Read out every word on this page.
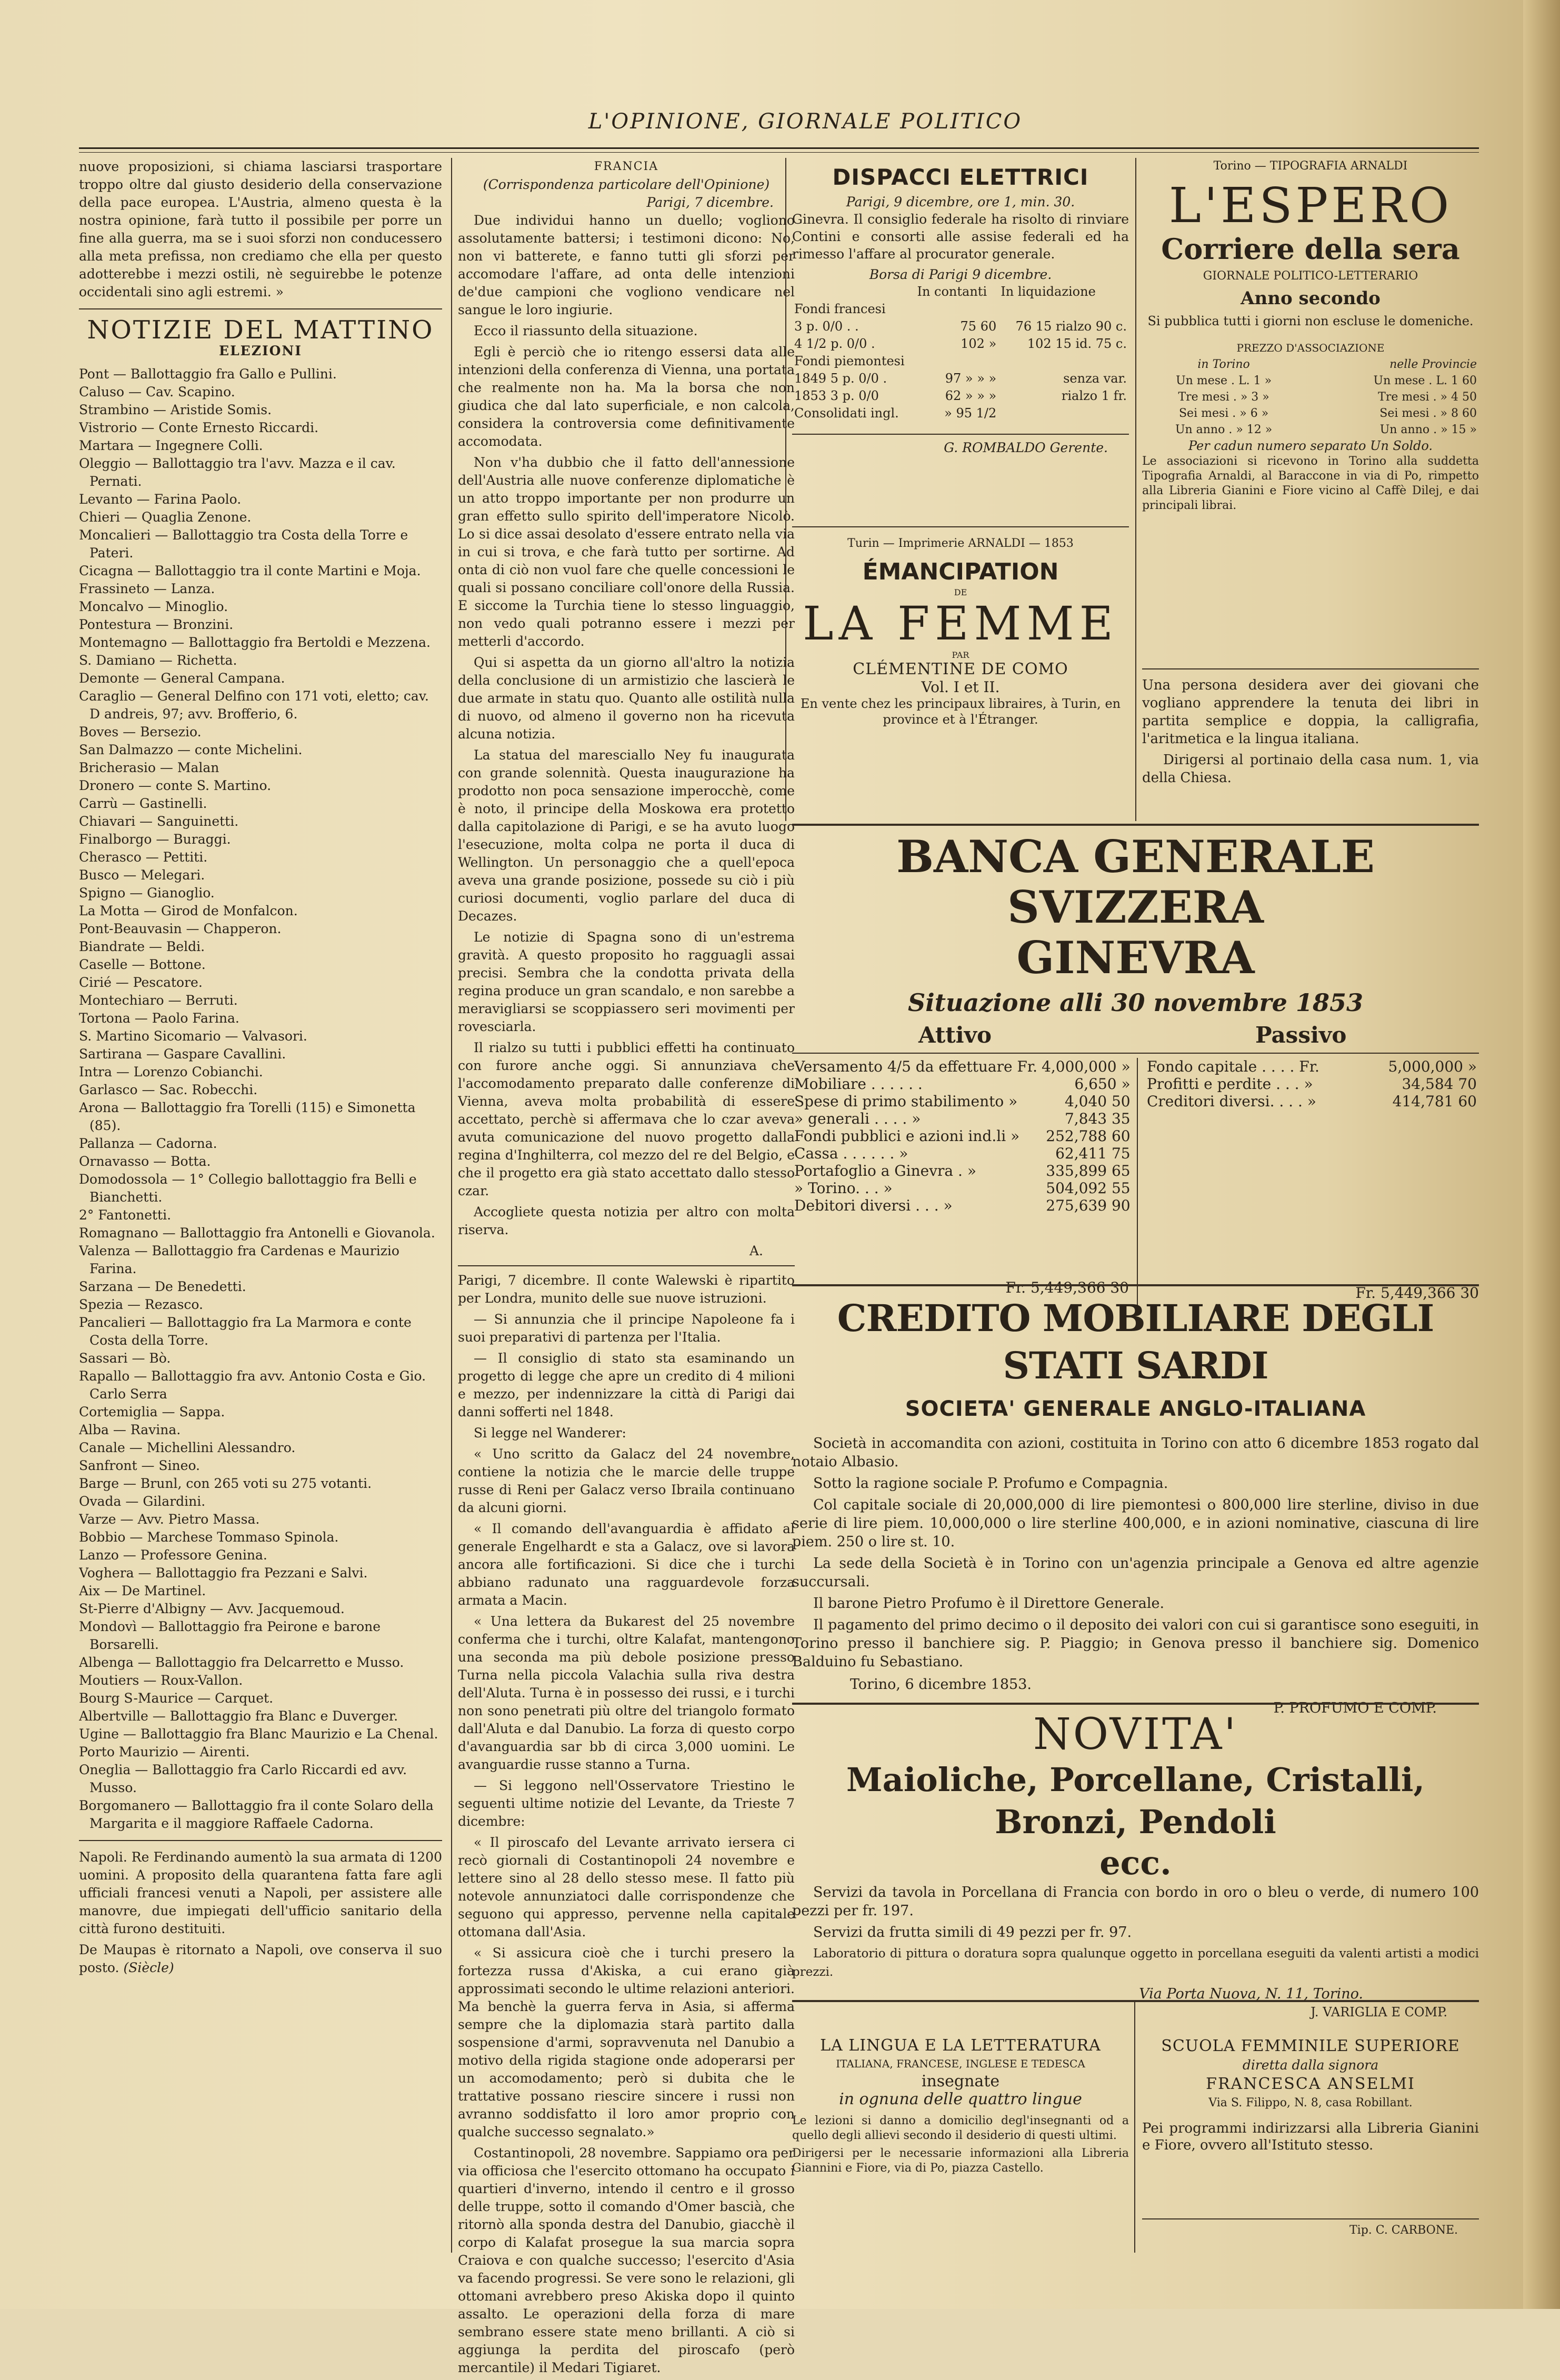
L'OPINIONE, GIORNALE POLITICO

nuove proposizioni, si chiama lasciarsi trasportare troppo oltre dal giusto desiderio della conservazione della pace europea. L'Austria, almeno questa è la nostra opinione, farà tutto il possibile per porre un fine alla guerra, ma se i suoi sforzi non conducessero alla meta prefissa, non crediamo che ella per questo adotterebbe i mezzi ostili, nè seguirebbe le potenze occidentali sino agli estremi. »

NOTIZIE DEL MATTINO
ELEZIONI

Pont — Ballottaggio fra Gallo e Pullini.

Caluso — Cav. Scapino.

Strambino — Aristide Somis.

Vistrorio — Conte Ernesto Riccardi.

Martara — Ingegnere Colli.

Oleggio — Ballottaggio tra l'avv. Mazza e il cav. Pernati.

Levanto — Farina Paolo.

Chieri — Quaglia Zenone.

Moncalieri — Ballottaggio tra Costa della Torre e Pateri.

Cicagna — Ballottaggio tra il conte Martini e Moja.

Frassineto — Lanza.

Moncalvo — Minoglio.

Pontestura — Bronzini.

Montemagno — Ballottaggio fra Bertoldi e Mezzena.

S. Damiano — Richetta.

Demonte — General Campana.

Caraglio — General Delfino con 171 voti, eletto; cav. D andreis, 97; avv. Brofferio, 6.

Boves — Bersezio.

San Dalmazzo — conte Michelini.

Bricherasio — Malan

Dronero — conte S. Martino.

Carrù — Gastinelli.

Chiavari — Sanguinetti.

Finalborgo — Buraggi.

Cherasco — Pettiti.

Busco — Melegari.

Spigno — Gianoglio.

La Motta — Girod de Monfalcon.

Pont-Beauvasin — Chapperon.

Biandrate — Beldi.

Caselle — Bottone.

Cirié — Pescatore.

Montechiaro — Berruti.

Tortona — Paolo Farina.

S. Martino Sicomario — Valvasori.

Sartirana — Gaspare Cavallini.

Intra — Lorenzo Cobianchi.

Garlasco — Sac. Robecchi.

Arona — Ballottaggio fra Torelli (115) e Simonetta (85).

Pallanza — Cadorna.

Ornavasso — Botta.

Domodossola — 1° Collegio ballottaggio fra Belli e Bianchetti.

2° Fantonetti.

Romagnano — Ballottaggio fra Antonelli e Giovanola.

Valenza — Ballottaggio fra Cardenas e Maurizio Farina.

Sarzana — De Benedetti.

Spezia — Rezasco.

Pancalieri — Ballottaggio fra La Marmora e conte Costa della Torre.

Sassari — Bò.

Rapallo — Ballottaggio fra avv. Antonio Costa e Gio. Carlo Serra

Cortemiglia — Sappa.

Alba — Ravina.

Canale — Michellini Alessandro.

Sanfront — Sineo.

Barge — Brunl, con 265 voti su 275 votanti.

Ovada — Gilardini.

Varze — Avv. Pietro Massa.

Bobbio — Marchese Tommaso Spinola.

Lanzo — Professore Genina.

Voghera — Ballottaggio fra Pezzani e Salvi.

Aix — De Martinel.

St-Pierre d'Albigny — Avv. Jacquemoud.

Mondovì — Ballottaggio fra Peirone e barone Borsarelli.

Albenga — Ballottaggio fra Delcarretto e Musso.

Moutiers — Roux-Vallon.

Bourg S-Maurice — Carquet.

Albertville — Ballottaggio fra Blanc e Duverger.

Ugine — Ballottaggio fra Blanc Maurizio e La Chenal.

Porto Maurizio — Airenti.

Oneglia — Ballottaggio fra Carlo Riccardi ed avv. Musso.

Borgomanero — Ballottaggio fra il conte Solaro della Margarita e il maggiore Raffaele Cadorna.

Napoli. Re Ferdinando aumentò la sua armata di 1200 uomini. A proposito della quarantena fatta fare agli ufficiali francesi venuti a Napoli, per assistere alle manovre, due impiegati dell'ufficio sanitario della città furono destituiti.

De Maupas è ritornato a Napoli, ove conserva il suo posto. (Siècle)

FRANCIA
(Corrispondenza particolare dell'Opinione)
Parigi, 7 dicembre.

Due individui hanno un duello; vogliono assolutamente battersi; i testimoni dicono: No, non vi batterete, e fanno tutti gli sforzi per accomodare l'affare, ad onta delle intenzioni de'due campioni che vogliono vendicare nel sangue le loro ingiurie.

Ecco il riassunto della situazione.

Egli è perciò che io ritengo essersi data alle intenzioni della conferenza di Vienna, una portata che realmente non ha. Ma la borsa che non giudica che dal lato superficiale, e non calcola, considera la controversia come definitivamente accomodata.

Non v'ha dubbio che il fatto dell'annessione dell'Austria alle nuove conferenze diplomatiche è un atto troppo importante per non produrre un gran effetto sullo spirito dell'imperatore Nicolò. Lo si dice assai desolato d'essere entrato nella via in cui si trova, e che farà tutto per sortirne. Ad onta di ciò non vuol fare che quelle concessioni le quali si possano conciliare coll'onore della Russia. E siccome la Turchia tiene lo stesso linguaggio, non vedo quali potranno essere i mezzi per metterli d'accordo.

Qui si aspetta da un giorno all'altro la notizia della conclusione di un armistizio che lascierà le due armate in statu quo. Quanto alle ostilità nulla di nuovo, od almeno il governo non ha ricevuta alcuna notizia.

La statua del maresciallo Ney fu inaugurata con grande solennità. Questa inaugurazione ha prodotto non poca sensazione imperocchè, come è noto, il principe della Moskowa era protetto dalla capitolazione di Parigi, e se ha avuto luogo l'esecuzione, molta colpa ne porta il duca di Wellington. Un personaggio che a quell'epoca aveva una grande posizione, possede su ciò i più curiosi documenti, voglio parlare del duca di Decazes.

Le notizie di Spagna sono di un'estrema gravità. A questo proposito ho ragguagli assai precisi. Sembra che la condotta privata della regina produce un gran scandalo, e non sarebbe a meravigliarsi se scoppiassero seri movimenti per rovesciarla.

Il rialzo su tutti i pubblici effetti ha continuato con furore anche oggi. Si annunziava che l'accomodamento preparato dalle conferenze di Vienna, aveva molta probabilità di essere accettato, perchè si affermava che lo czar aveva avuta comunicazione del nuovo progetto dalla regina d'Inghilterra, col mezzo del re del Belgio, e che il progetto era già stato accettato dallo stesso czar.

Accogliete questa notizia per altro con molta riserva.

A.

Parigi, 7 dicembre. Il conte Walewski è ripartito per Londra, munito delle sue nuove istruzioni.

— Si annunzia che il principe Napoleone fa i suoi preparativi di partenza per l'Italia.

— Il consiglio di stato sta esaminando un progetto di legge che apre un credito di 4 milioni e mezzo, per indennizzare la città di Parigi dai danni sofferti nel 1848.

Si legge nel Wanderer:

« Uno scritto da Galacz del 24 novembre, contiene la notizia che le marcie delle truppe russe di Reni per Galacz verso Ibraila continuano da alcuni giorni.

« Il comando dell'avanguardia è affidato al generale Engelhardt e sta a Galacz, ove si lavora ancora alle fortificazioni. Si dice che i turchi abbiano radunato una ragguardevole forza armata a Macin.

« Una lettera da Bukarest del 25 novembre conferma che i turchi, oltre Kalafat, mantengono una seconda ma più debole posizione presso Turna nella piccola Valachia sulla riva destra dell'Aluta. Turna è in possesso dei russi, e i turchi non sono penetrati più oltre del triangolo formato dall'Aluta e dal Danubio. La forza di questo corpo d'avanguardia sar bb di circa 3,000 uomini. Le avanguardie russe stanno a Turna.

— Si leggono nell'Osservatore Triestino le seguenti ultime notizie del Levante, da Trieste 7 dicembre:

« Il piroscafo del Levante arrivato iersera ci recò giornali di Costantinopoli 24 novembre e lettere sino al 28 dello stesso mese. Il fatto più notevole annunziatoci dalle corrispondenze che seguono qui appresso, pervenne nella capitale ottomana dall'Asia.

« Si assicura cioè che i turchi presero la fortezza russa d'Akiska, a cui erano già approssimati secondo le ultime relazioni anteriori. Ma benchè la guerra ferva in Asia, si afferma sempre che la diplomazia starà partito dalla sospensione d'armi, sopravvenuta nel Danubio a motivo della rigida stagione onde adoperarsi per un accomodamento; però si dubita che le trattative possano riescire sincere i russi non avranno soddisfatto il loro amor proprio con qualche successo segnalato.»

Costantinopoli, 28 novembre. Sappiamo ora per via officiosa che l'esercito ottomano ha occupato i quartieri d'inverno, intendo il centro e il grosso delle truppe, sotto il comando d'Omer bascià, che ritornò alla sponda destra del Danubio, giacchè il corpo di Kalafat prosegue la sua marcia sopra Craiova e con qualche successo; l'esercito d'Asia va facendo progressi. Se vere sono le relazioni, gli ottomani avrebbero preso Akiska dopo il quinto assalto. Le operazioni della forza di mare sembrano essere state meno brillanti. A ciò si aggiunga la perdita del piroscafo (però mercantile) il Medari Tigiaret.

DISPACCI ELETTRICI
Parigi, 9 dicembre, ore 1, min. 30.

Ginevra. Il consiglio federale ha risolto di rinviare Contini e consorti alle assise federali ed ha rimesso l'affare al procurator generale.

Borsa di Parigi 9 dicembre.
	In contanti	In liquidazione
Fondi francesi		
3 p. 0/0 . .	75 60	76 15 rialzo 90 c.
4 1/2 p. 0/0 .	102 »	102 15 id. 75 c.
Fondi piemontesi		
1849 5 p. 0/0 .	97 » » »	senza var.
1853 3 p. 0/0	62 » » »	rialzo 1 fr.
Consolidati ingl.	» 95 1/2	
G. ROMBALDO Gerente.
Turin — Imprimerie ARNALDI — 1853
ÉMANCIPATION
DE
LA FEMME
PAR
CLÉMENTINE DE COMO
Vol. I et II.
En vente chez les principaux libraires, à Turin, en province et à l'Étranger.
Torino — TIPOGRAFIA ARNALDI
L'ESPERO
Corriere della sera
GIORNALE POLITICO-LETTERARIO
Anno secondo
Si pubblica tutti i giorni non escluse le domeniche.
PREZZO D'ASSOCIAZIONE
in Torino	nelle Provincie
Un mese . L. 1 »	Un mese . L. 1 60
Tre mesi . » 3 »	Tre mesi . » 4 50
Sei mesi . » 6 »	Sei mesi . » 8 60
Un anno . » 12 »	Un anno . » 15 »
Per cadun numero separato Un Soldo.

Le associazioni si ricevono in Torino alla suddetta Tipografia Arnaldi, al Baraccone in via di Po, rimpetto alla Libreria Gianini e Fiore vicino al Caffè Dilej, e dai principali librai.

Una persona desidera aver dei giovani che vogliano apprendere la tenuta dei libri in partita semplice e doppia, la calligrafia, l'aritmetica e la lingua italiana.

Dirigersi al portinaio della casa num. 1, via della Chiesa.

BANCA GENERALE SVIZZERA
GINEVRA
Situazione alli 30 novembre 1853
Attivo	Passivo
Versamento 4/5 da effettuare Fr.	4,000,000 »
Mobiliare . . . . . .	6,650 »
Spese di primo stabilimento »	4,040 50
» generali . . . . »	7,843 35
Fondi pubblici e azioni ind.li »	252,788 60
Cassa . . . . . . »	62,411 75
Portafoglio a Ginevra . »	335,899 65
» Torino. . . »	504,092 55
Debitori diversi . . . »	275,639 90
Fondo capitale . . . . Fr.	5,000,000 »
Profitti e perdite . . . »	34,584 70
Creditori diversi. . . . »	414,781 60
Fr. 5,449,366 30	Fr. 5,449,366 30
CREDITO MOBILIARE DEGLI STATI SARDI
SOCIETA' GENERALE ANGLO-ITALIANA

Società in accomandita con azioni, costituita in Torino con atto 6 dicembre 1853 rogato dal notaio Albasio.

Sotto la ragione sociale P. Profumo e Compagnia.

Col capitale sociale di 20,000,000 di lire piemontesi o 800,000 lire sterline, diviso in due serie di lire piem. 10,000,000 o lire sterline 400,000, e in azioni nominative, ciascuna di lire piem. 250 o lire st. 10.

La sede della Società è in Torino con un'agenzia principale a Genova ed altre agenzie succursali.

Il barone Pietro Profumo è il Direttore Generale.

Il pagamento del primo decimo o il deposito dei valori con cui si garantisce sono eseguiti, in Torino presso il banchiere sig. P. Piaggio; in Genova presso il banchiere sig. Domenico Balduino fu Sebastiano.

Torino, 6 dicembre 1853.
P. PROFUMO E COMP.
NOVITA'
Maioliche, Porcellane, Cristalli, Bronzi, Pendoli
ecc.

Servizi da tavola in Porcellana di Francia con bordo in oro o bleu o verde, di numero 100 pezzi per fr. 197.

Servizi da frutta simili di 49 pezzi per fr. 97.

Laboratorio di pittura o doratura sopra qualunque oggetto in porcellana eseguiti da valenti artisti a modici prezzi.

Via Porta Nuova, N. 11, Torino.
J. VARIGLIA E COMP.
LA LINGUA E LA LETTERATURA
ITALIANA, FRANCESE, INGLESE E TEDESCA
insegnate
in ognuna delle quattro lingue

Le lezioni si danno a domicilio degl'insegnanti od a quello degli allievi secondo il desiderio di questi ultimi.

Dirigersi per le necessarie informazioni alla Libreria Giannini e Fiore, via di Po, piazza Castello.

SCUOLA FEMMINILE SUPERIORE
diretta dalla signora
FRANCESCA ANSELMI
Via S. Filippo, N. 8, casa Robillant.

Pei programmi indirizzarsi alla Libreria Gianini e Fiore, ovvero all'Istituto stesso.

Tip. C. CARBONE.
